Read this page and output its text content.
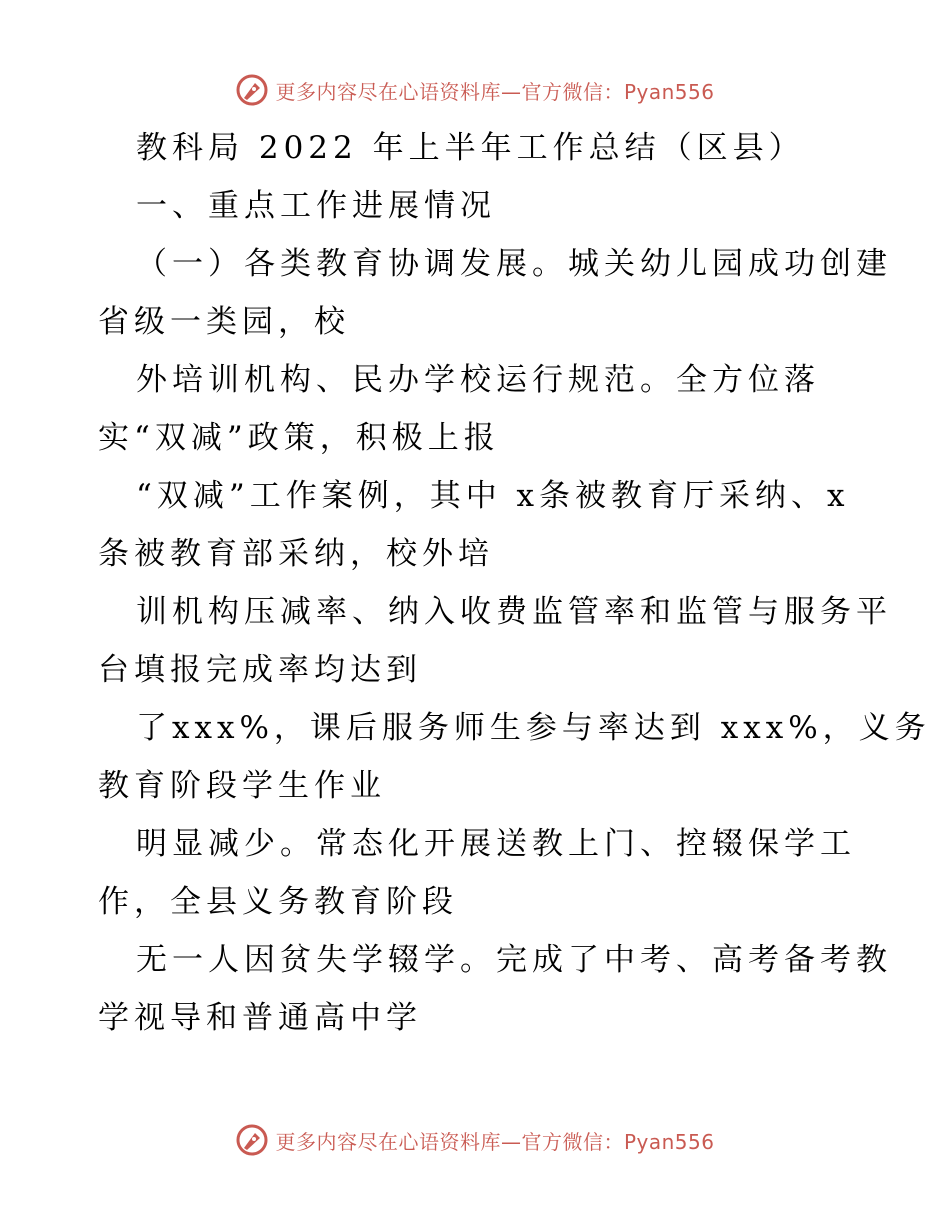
更多内容尽在心语资料库—官方微信：Pyan556
教科局 2022 年上半年工作总结（区县）
一、重点工作进展情况
（一）各类教育协调发展。城关幼儿园成功创建
省级一类园，校
外培训机构、民办学校运行规范。全方位落
实“双减”政策，积极上报
“双减”工作案例，其中 x条被教育厅采纳、x
条被教育部采纳，校外培
训机构压减率、纳入收费监管率和监管与服务平
台填报完成率均达到
了xxx%，课后服务师生参与率达到 xxx%，义务
教育阶段学生作业
明显减少。常态化开展送教上门、控辍保学工
作，全县义务教育阶段
无一人因贫失学辍学。完成了中考、高考备考教
学视导和普通高中学
更多内容尽在心语资料库—官方微信：Pyan556
